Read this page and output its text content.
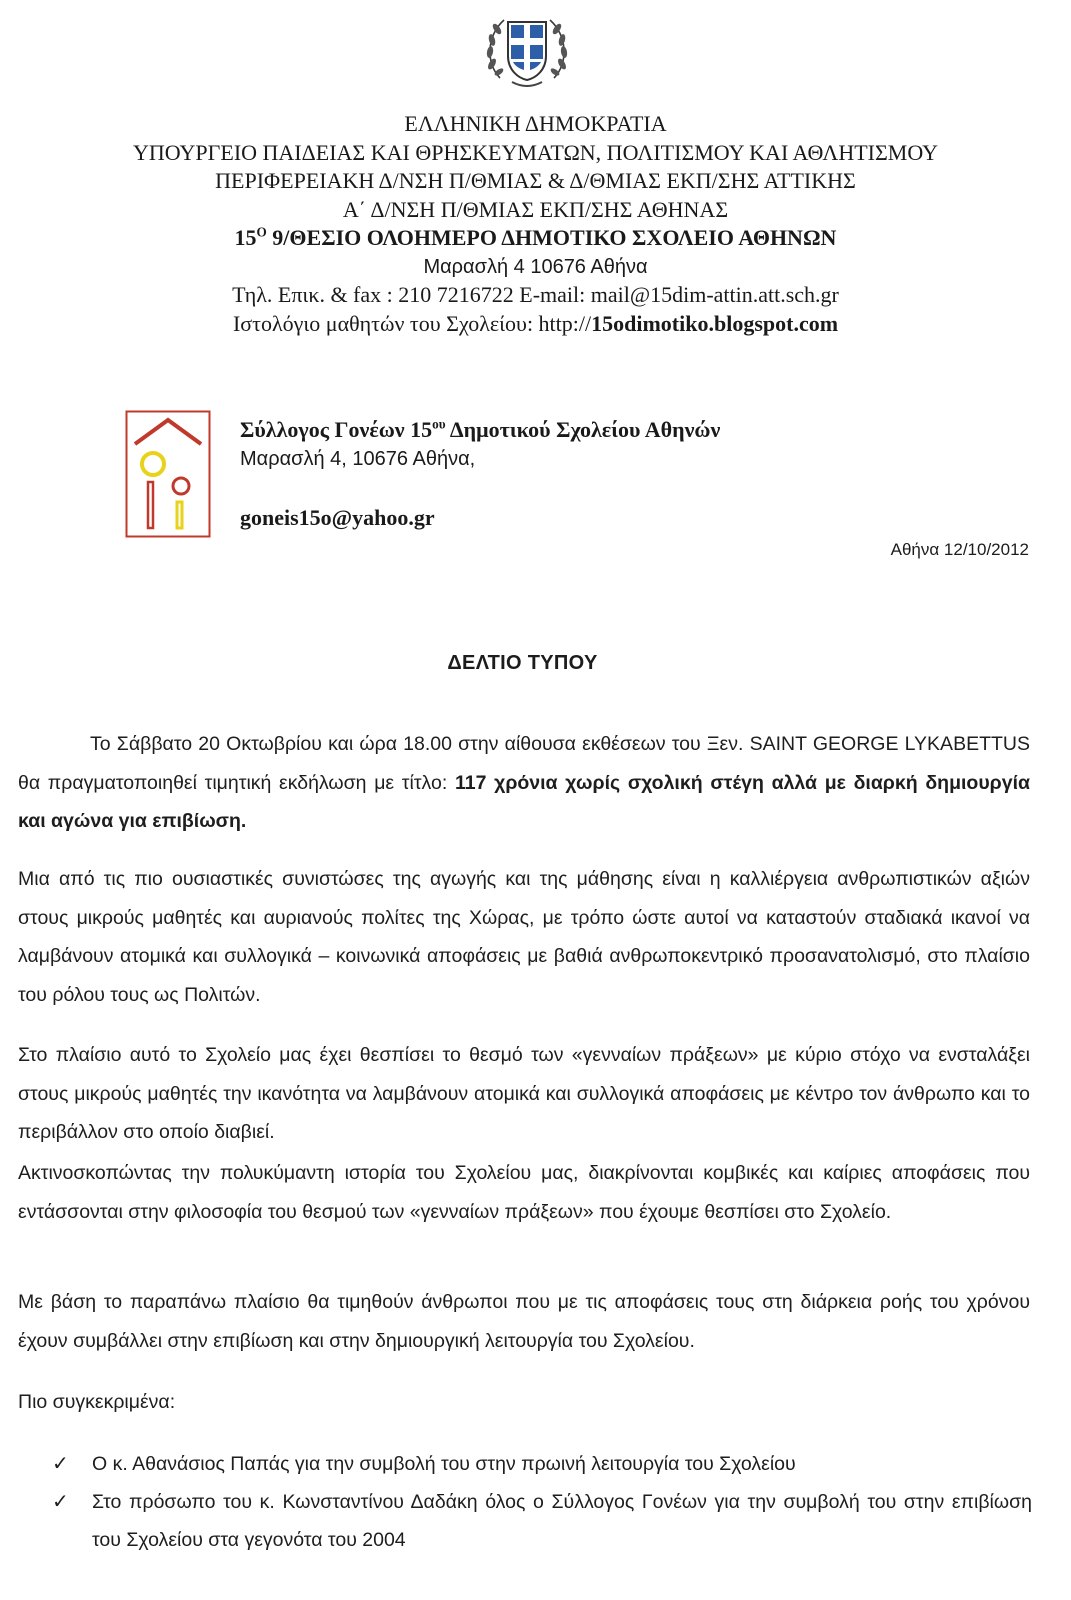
ΕΛΛΗΝΙΚΗ ΔΗΜΟΚΡΑΤΙΑ
ΥΠΟΥΡΓΕΙΟ ΠΑΙΔΕΙΑΣ ΚΑΙ ΘΡΗΣΚΕΥΜΑΤΩΝ, ΠΟΛΙΤΙΣΜΟΥ ΚΑΙ ΑΘΛΗΤΙΣΜΟΥ
ΠΕΡΙΦΕΡΕΙΑΚΗ Δ/ΝΣΗ Π/ΘΜΙΑΣ & Δ/ΘΜΙΑΣ ΕΚΠ/ΣΗΣ ΑΤΤΙΚΗΣ
Α΄ Δ/ΝΣΗ Π/ΘΜΙΑΣ ΕΚΠ/ΣΗΣ ΑΘΗΝΑΣ
$15^O$ 9/ΘΕΣΙΟ ΟΛΟΗΜΕΡΟ ΔΗΜΟΤΙΚΟ ΣΧΟΛΕΙΟ ΑΘΗΝΩΝ
Μαρασλή 4 10676 Αθήνα
Τηλ. Επικ. & fax : 210 7216722 E-mail: mail@15dim-attin.att.sch.gr
Ιστολόγιο μαθητών του Σχολείου: http://15odimotiko.blogspot.com
Σύλλογος Γονέων $15^{o\upsilon}$ Δημοτικού Σχολείου Αθηνών
Μαρασλή 4, 10676 Αθήνα,
goneis15o@yahoo.gr
Αθήνα 12/10/2012
ΔΕΛΤΙΟ ΤΥΠΟΥ

Το Σάββατο 20 Οκτωβρίου και ώρα 18.00 στην αίθουσα εκθέσεων του Ξεν. SAINT GEORGE LYKABETTUS θα πραγματοποιηθεί τιμητική εκδήλωση με τίτλο: 117 χρόνια χωρίς σχολική στέγη αλλά με διαρκή δημιουργία και αγώνα για επιβίωση.

Μια από τις πιο ουσιαστικές συνιστώσες της αγωγής και της μάθησης είναι η καλλιέργεια ανθρωπιστικών αξιών στους μικρούς μαθητές και αυριανούς πολίτες της Χώρας, με τρόπο ώστε αυτοί να καταστούν σταδιακά ικανοί να λαμβάνουν ατομικά και συλλογικά – κοινωνικά αποφάσεις με βαθιά ανθρωποκεντρικό προσανατολισμό, στο πλαίσιο του ρόλου τους ως Πολιτών.

Στο πλαίσιο αυτό το Σχολείο μας έχει θεσπίσει το θεσμό των «γενναίων πράξεων» με κύριο στόχο να ενσταλάξει στους μικρούς μαθητές την ικανότητα να λαμβάνουν ατομικά και συλλογικά αποφάσεις με κέντρο τον άνθρωπο και το περιβάλλον στο οποίο διαβιεί.

Ακτινοσκοπώντας την πολυκύμαντη ιστορία του Σχολείου μας, διακρίνονται κομβικές και καίριες αποφάσεις που εντάσσονται στην φιλοσοφία του θεσμού των «γενναίων πράξεων» που έχουμε θεσπίσει στο Σχολείο.

Με βάση το παραπάνω πλαίσιο θα τιμηθούν άνθρωποι που με τις αποφάσεις τους στη διάρκεια ροής του χρόνου έχουν συμβάλλει στην επιβίωση και στην δημιουργική λειτουργία του Σχολείου.

Πιο συγκεκριμένα:

✓ Ο κ. Αθανάσιος Παπάς για την συμβολή του στην πρωινή λειτουργία του Σχολείου
✓ Στο πρόσωπο του κ. Κωνσταντίνου Δαδάκη όλος ο Σύλλογος Γονέων για την συμβολή του στην επιβίωση του Σχολείου στα γεγονότα του 2004
